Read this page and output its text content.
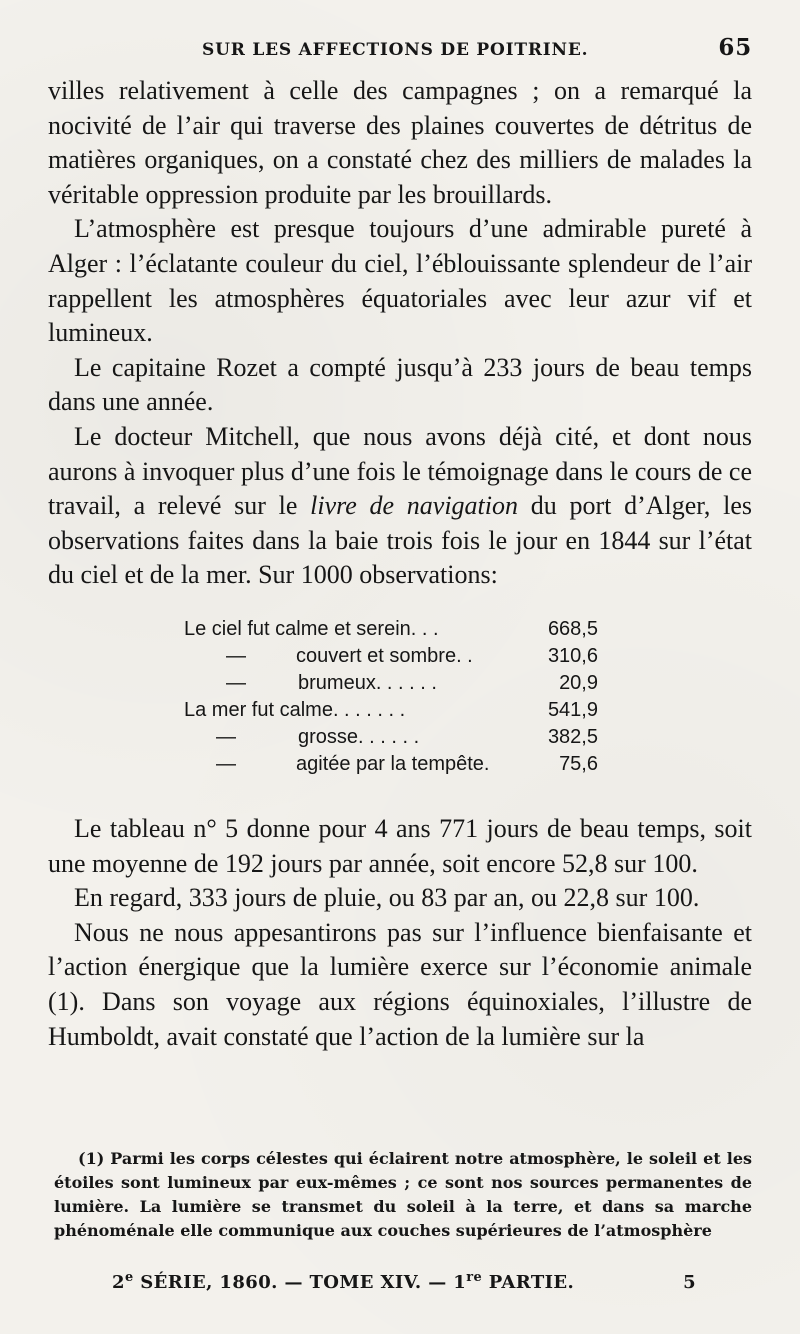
SUR LES AFFECTIONS DE POITRINE.	65

villes relativement à celle des campagnes ; on a remarqué la nocivité de l’air qui traverse des plaines couvertes de détritus de matières organiques, on a constaté chez des milliers de malades la véritable oppression produite par les brouillards.

L’atmosphère est presque toujours d’une admirable pureté à Alger : l’éclatante couleur du ciel, l’éblouissante splendeur de l’air rappellent les atmosphères équatoriales avec leur azur vif et lumineux.

Le capitaine Rozet a compté jusqu’à 233 jours de beau temps dans une année.

Le docteur Mitchell, que nous avons déjà cité, et dont nous aurons à invoquer plus d’une fois le témoignage dans le cours de ce travail, a relevé sur le livre de navigation du port d’Alger, les observations faites dans la baie trois fois le jour en 1844 sur l’état du ciel et de la mer. Sur 1000 observations:

Le ciel fut calme et serein. . .	668,5
—	couvert et sombre. .	310,6
—	brumeux. . . . . .	20,9
La mer fut calme. . . . . . .	541,9
—	grosse. . . . . .	382,5
—	agitée par la tempête.	75,6

Le tableau n° 5 donne pour 4 ans 771 jours de beau temps, soit une moyenne de 192 jours par année, soit encore 52,8 sur 100.

En regard, 333 jours de pluie, ou 83 par an, ou 22,8 sur 100.

Nous ne nous appesantirons pas sur l’influence bienfaisante et l’action énergique que la lumière exerce sur l’économie animale (1). Dans son voyage aux régions équinoxiales, l’illustre de Humboldt, avait constaté que l’action de la lumière sur la

(1) Parmi les corps célestes qui éclairent notre atmosphère, le soleil et les étoiles sont lumineux par eux-mêmes ; ce sont nos sources permanentes de lumière. La lumière se transmet du soleil à la terre, et dans sa marche phénoménale elle communique aux couches supérieures de l’atmosphère

2e SÉRIE, 1860. — TOME XIV. — 1re PARTIE.	5
